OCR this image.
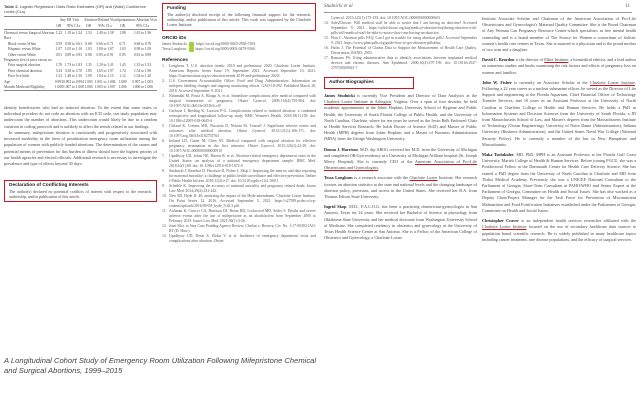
Table 2. Logistic Regression Odds Ratio Estimates (OR) and (Wald) Confidence Limits (CLs).
	Any ER Visit		Abortion-Related Visit		Spontaneous Abortion Visit	
	OR	95% CLs	OR	95% CLs	OR	95% CLs
Chemical versus Surgical Abortion	1.22	1.19 to 1.24	1.53	1.49 to 1.58	1.88	1.81 to 1.96
Race						
Black versus White	0.59	0.58 to 0.61	0.68	0.66 to 0.71	0.71	0.68 to 0.76
Hispanic versus White	1.07	1.05 to 1.10	1.03	1.00 to 1.07	1.03	0.98 to 1.09
Other versus White	0.91	0.89 to 0.93	0.88	0.85 to 0.91	0.85	0.81 to 0.89
Pregnancy (ies) d prior versus no						
Prior surgical abortion	1.78	1.73 to 1.83	1.35	1.29 to 1.41	1.43	1.35 to 1.53
Prior chemical abortion	3.34	3.38 to 3.70	1.85	1.65 to 1.97	1.74	1.54 to 1.96
Prior live birth	1.52	1.48 to 1.56	1.09	1.04 to 1.15	1.12	1.04 to 1.20
Age	0.993	0.992 to 0.994	1.003	1.001 to 1.004	1.000	0.997 to 1.003
Months Medicaid Eligibility	1.008	1.007 to 1.008	1.006	1.005 to 1.007	1.006	1.006 to 1.006

identify beneficiaries who had an induced abortion. To the extent that some states or individual providers do not code an abortion with an ICD code, our study population may undercount the number of abortions. This undercount would likely be due to a random variation in coding protocols and is unlikely to affect the trends related in our findings.

In summary, mifepristone abortion is consistently and progressively associated with increased morbidity in the form of postabortion emergency room utilization among the population of women with publicly funded abortions. The determination of the causes and potential means of prevention for this burden of illness should have the highest priority of our health agencies and elected officials. Additional research is necessary to investigate the prevalence and type of effects beyond 30 days.

Declaration of Conflicting Interests
The author(s) declared no potential conflicts of interest with respect to the research, authorship, and/or publication of this article.
Funding
The author(s) disclosed receipt of the following financial support for the research, authorship, and/or publication of this article: This work was supported by the Charlotte Lozier Institute.
ORCID iDs
James Studnicki https://orcid.org/0000-0003-2958-7493
Tessa Longbons https://orcid.org/0000-0003-0479-9166
References
1.	Longbons T. U.S. abortion trends: 2019 and preliminary 2020. Charlotte Lozier Institute. American Reports Series Issue 19, September 2021. Accessed September 10, 2021. https://lozierinstitute.org/us-abortion-trends-2019-and-preliminary-2020/
2.	U.S. Government Accountability Office. Food and Drug Administration: Information on mifeprex labeling changes and ongoing monitoring efforts. GAO-18-292. Published March 28, 2018. Accessed September 9, 2021.
3.	Niinimäki M, Pouta A, Bloigu A, et al. Immediate complications after medical compared with surgical termination of pregnancy. Obstet Gynecol. 2009;114(4):795-804. doi: 10.1097/AOG.0b013e3181b5ccf9
4.	Carlsson I, Breding K, Larsson P-G. Complications related to induced abortion: a combined retrospective and longitudinal follow-up study. BMC Women's Health. 2018;18(1):158. doi: 10.1186/s12905-018-0645-6
5.	Cleland K, Creinin MD, Nucatola D, Nshom M, Trussell J. Significant adverse events and outcomes after medical abortion. Obstet Gynecol. 2013;121(1):166-171. doi: 10.1097/aog.0b013e3182755763
6.	Ireland LD, Gatter M, Chen AY. Medical compared with surgical abortion for effective pregnancy termination in the first trimester. Obstet Gynecol. 2015;126(1):22-28. doi: 10.1097/AOG.0000000000000910
7.	Upadhyay UD, Johns NE, Barron R, et al. Abortion-related emergency department visits in the United States: an analysis of a national emergency department sample. BMC Med. 2018;16(1):88. doi: 10.1186/s12916-018-1072-0
8.	Studnicki J, Reardon D, Harrison D, Fisher J, Skop I. Improving the metrics and data reporting for maternal mortality: a challenge to public health surveillance and effective prevention. Online J Public Health Inform. 2019;11(2):e17. doi: 10.5210/ojphi.v11i2.10011
9.	Scheible K. Improving the accuracy of maternal mortality and pregnancy related death. Issues Law Med. 2014;29(2):231-242.
10. New MJ, Hyde JJ. 40: analyzing the impact of the Hyde amendment. Charlotte Lozier Institute, On Point Series 12. 2016. Accessed September 5, 2021. https://s27589.pcdn.co/wp-content/uploads/2016/09/OP_hyde_9.28.3.pdf
11. Aultman K, Cirucci CA, Harrison DJ, Beran BD, Lockwood MD, Seiler S. Deaths and severe adverse events after the use of mifepristone as an abortifacient from September 2000 to February 2019. Issues Law Med. 2021;36(1):3-26.
12. Joint Mot. to Stay Case Pending Agency Review. Chelius v. Becerra, Civ. No. 1:17-00493 JAO-RT (D. Haw.).
13. Upadhyay UD, Desai S, Zlidar V, et al. Incidence of emergency department visits and complications after abortion. Obstet
A Longitudinal Cohort Study of Emergency Room Utilization Following Mifepristone Chemical and Surgical Abortions, 1999–2015
Studnicki et al	11
Gynecol. 2015;125(1):175-183. doi: 10.1097/AOG.0000000000000603
14. Safe2Choose. Will medical staff be able to notice that I am having an abortion? Accessed September 9, 2021. https://safe2choose.org/faq/medical-abortion-faq/during-abortion-with-pills/will-medical-staff-be-able-to-notice-that-i-am-having-an-abortion
15. Plan C. Abortion pills FAQ: Can I get in trouble for using abortion pills? Accessed September 9, 2021. https://www.plancpills.org/guide-how-to-get-abortion-pills#faq
16. Hicks J. The Potential of Claims Data to Support the Measurement of Health Care Quality. Dissertation, RAND; 2003.
17. Romano PS. Using administrative data to identify associations between implanted medical devices and chronic diseases. Ann Epidemiol. 2000;10(4):197-199. doi: 10.1016/s1047-2797(00)00041-7
Author Biographies
James Studnicki is currently Vice President and Director of Data Analytics at the Charlotte Lozier Institute in Arlington, Virginia. Over a span of four decades, he held academic appointments at the Johns Hopkins University School of Hygiene and Public Health, the University of South Florida College of Public Health, and the University of North Carolina, Charlotte, where for ten years he served as the Irwin Belk Endowed Chair in Health Services Research. He holds Doctor of Science (ScD) and Master of Public Health (MPH) degrees from Johns Hopkins and a Master of Business Administration (MBA) from the George Washington University.
Donna J. Harrison, M.D. dip ABOG received her M.D. from the University of Michigan and completed OB/Gyn residency at a University of Michigan Affiliate hospital (St. Joseph Mercy Hospital). She is currently CEO of the American Association of Pro-Life Obstetricians and Gynecologists.
Tessa Longbons is a research associate with the Charlotte Lozier Institute. Her research focuses on abortion statistics at the state and national levels and the changing landscape of abortion policy, provision, and access in the United States. She received her B.A. from Thomas Edison State University.
Ingrid Skop, M.D., F.A.C.O.G. has been a practicing obstetrician-gynecologist in San Antonio, Texas for 24 years. She received her Bachelor of Science in physiology from Oklahoma State University and her medical doctorate from Washington University School of Medicine. She completed residency in obstetrics and gynecology at the University of Texas Health Science Center at San Antonio. She is a Fellow of the American College of Obstetrics and Gynecology, a Charlotte Lozier
Institute Associate Scholar and Chairman of the American Association of Pro-Life Obstetricians and Gynecologist's Maternal Quality Committee. She is the Board Chairman of Any Woman Can Pregnancy Resource Center-which specializes in free mental health counseling and is a board member of The Source for Women-a consortium of holistic women's health care centers in Texas. She is married to a physician and is the proud mother of two sons and a daughter.
David C. Reardon is the director of Elliot Institute, a biomedical ethicist, and a lead author on numerous studies and books examining the risk factors and effects of pregnancy loss on women and families.
John W. Fisher is currently an Associate Scholar at the Charlotte Lozier Institute. Following a 22 year career as a nuclear submarine officer, he served as the Director of Life Support and engineering at the Florida Aquarium, Chief Financial Officer of Technology Transfer Services, and 10 years as an Assistant Professor at the University of North Carolina at Charlotte College of Health and Human Services. He holds a PhD in Information Systems and Decision Sciences from the University of South Florida, a JD from Massachusetts School of Law, and Master's degrees from the Massachusetts Institute of Technology (Ocean Engineering), University of Notre Dame (Administration), Indiana University (Business Administration), and the United States Naval War College (National Security Policy). He is currently a member of the bar in New Hampshire and Massachusetts.
Maka Tsulukidze, MD, PhD, MPH is an Assistant Professor at the Florida Gulf Coast University, Marieb College of Health & Human Services. Before joining FGCU, she was a Postdoctoral Fellow at the Dartmouth Center for Health Care Delivery Science. She has earned a PhD degree from the University of North Carolina at Charlotte and MD from Tbilisi Medical Academy. Previously she was a UNICEF National Consultant to the Parliament of Georgia, Short-Term Consultant at PAHO/WHO and Senior Expert at the Parliament of Georgia, Committee on Health and Social Issues. She has also worked as a Deputy Chair/Project Manager for the Task Force for Prevention of Micronutrient Malnutrition and Food Fortification Initiatives established under the Parliament of Georgia, Committee on Health and Social Issues.
Christopher Craver is an independent health services researcher affiliated with the Charlotte Lozier Institute focused on the use of secondary healthcare data sources to population based scientific research. He is widely published in many healthcare topics including cancer treatment, rare disease populations, and the efficacy of surgical services.
